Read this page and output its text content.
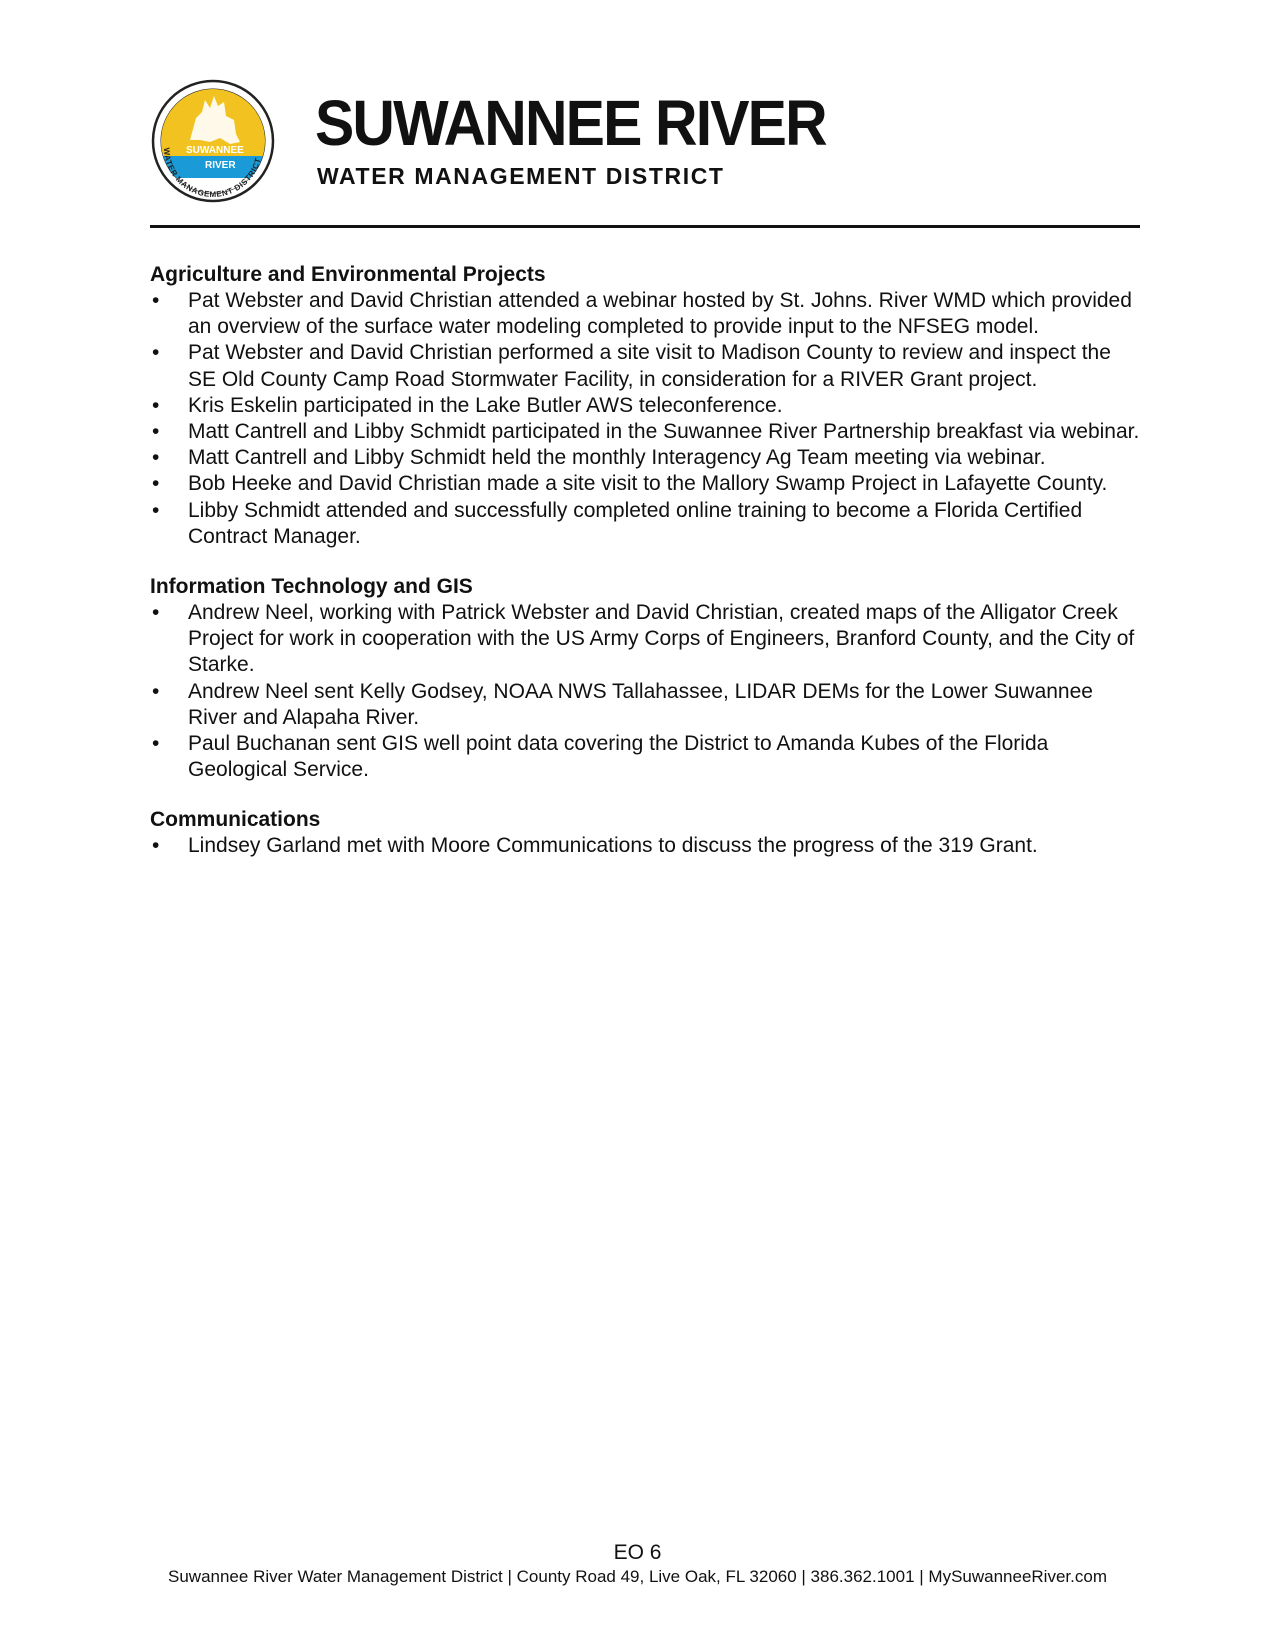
SUWANNEE
RIVER
WATER MANAGEMENT DISTRICT
SUWANNEE RIVER
WATER MANAGEMENT DISTRICT
Agriculture and Environmental Projects
•	Pat Webster and David Christian attended a webinar hosted by St. Johns. River WMD which provided an overview of the surface water modeling completed to provide input to the NFSEG model.
•	Pat Webster and David Christian performed a site visit to Madison County to review and inspect the SE Old County Camp Road Stormwater Facility, in consideration for a RIVER Grant project.
•	Kris Eskelin participated in the Lake Butler AWS teleconference.
•	Matt Cantrell and Libby Schmidt participated in the Suwannee River Partnership breakfast via webinar.
•	Matt Cantrell and Libby Schmidt held the monthly Interagency Ag Team meeting via webinar.
•	Bob Heeke and David Christian made a site visit to the Mallory Swamp Project in Lafayette County.
•	Libby Schmidt attended and successfully completed online training to become a Florida Certified Contract Manager.
Information Technology and GIS
•	Andrew Neel, working with Patrick Webster and David Christian, created maps of the Alligator Creek Project for work in cooperation with the US Army Corps of Engineers, Branford County, and the City of Starke.
•	Andrew Neel sent Kelly Godsey, NOAA NWS Tallahassee, LIDAR DEMs for the Lower Suwannee River and Alapaha River.
•	Paul Buchanan sent GIS well point data covering the District to Amanda Kubes of the Florida Geological Service.
Communications
•	Lindsey Garland met with Moore Communications to discuss the progress of the 319 Grant.
EO 6
Suwannee River Water Management District | County Road 49, Live Oak, FL 32060 | 386.362.1001 | MySuwanneeRiver.com
